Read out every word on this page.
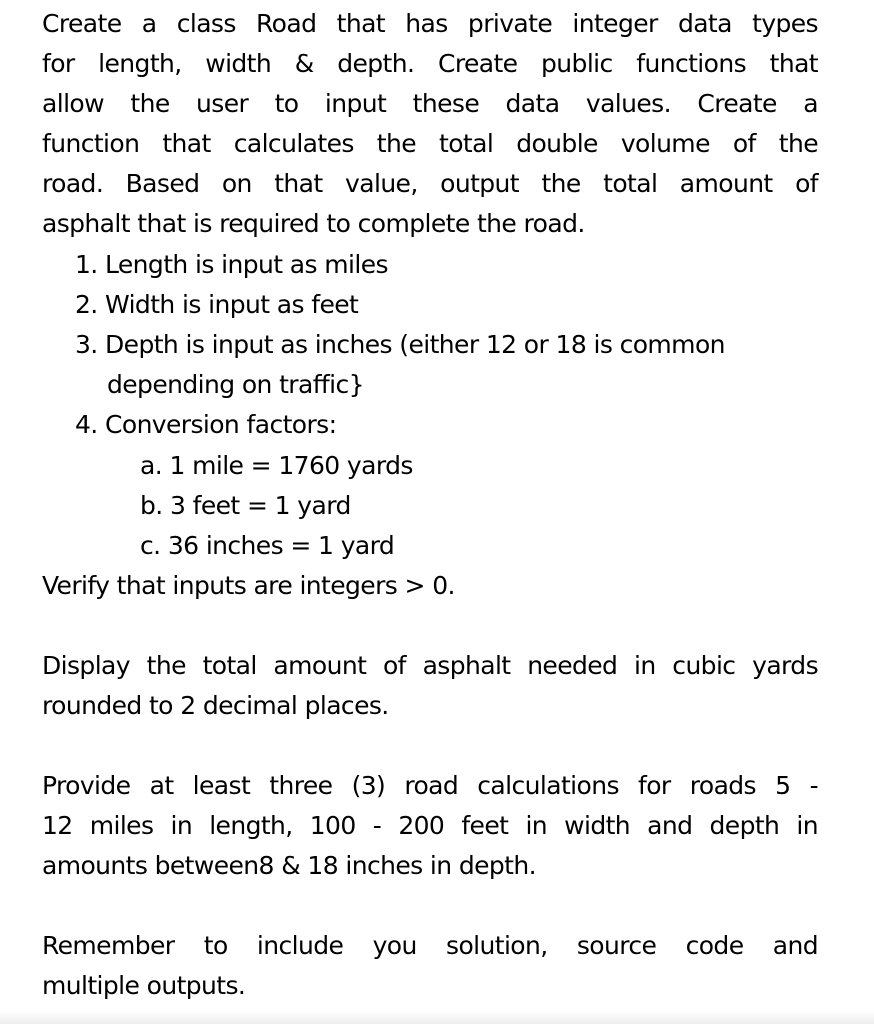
Create a class Road that has private integer data types
for length, width & depth. Create public functions that
allow the user to input these data values. Create a
function that calculates the total double volume of the
road. Based on that value, output the total amount of
asphalt that is required to complete the road.
1. Length is input as miles
2. Width is input as feet
3. Depth is input as inches (either 12 or 18 is common
depending on traffic}
4. Conversion factors:
a. 1 mile = 1760 yards
b. 3 feet = 1 yard
c. 36 inches = 1 yard
Verify that inputs are integers > 0.
Display the total amount of asphalt needed in cubic yards
rounded to 2 decimal places.
Provide at least three (3) road calculations for roads 5 -
12 miles in length, 100 - 200 feet in width and depth in
amounts between8 & 18 inches in depth.
Remember to include you solution, source code and
multiple outputs.
